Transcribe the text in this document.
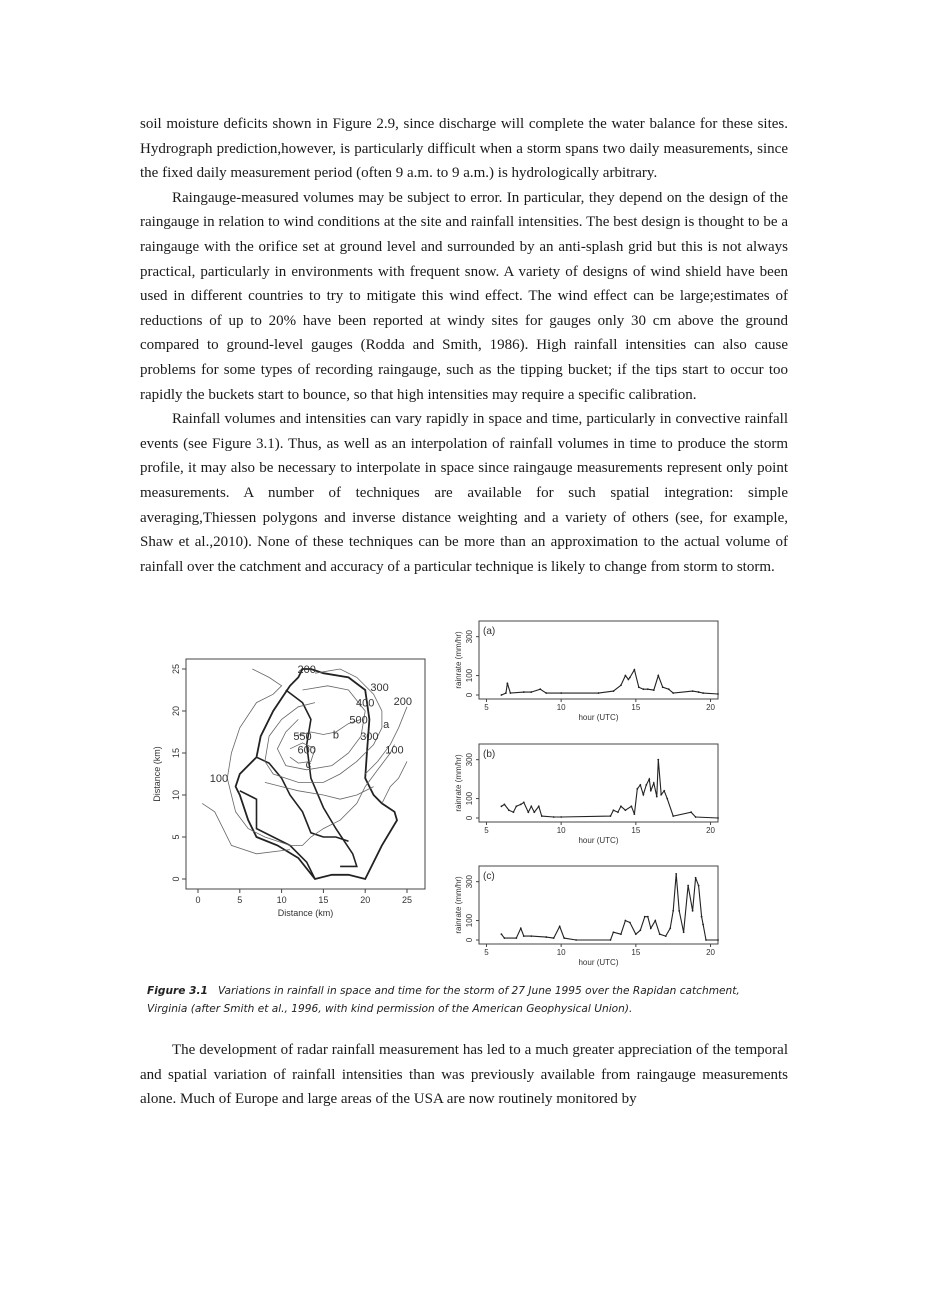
soil moisture deficits shown in Figure 2.9, since discharge will complete the water balance for these sites. Hydrograph prediction,however, is particularly difficult when a storm spans two daily measurements, since the fixed daily measurement period (often 9 a.m. to 9 a.m.) is hydrologically arbitrary.

Raingauge-measured volumes may be subject to error. In particular, they depend on the design of the raingauge in relation to wind conditions at the site and rainfall intensities. The best design is thought to be a raingauge with the orifice set at ground level and surrounded by an anti-splash grid but this is not always practical, particularly in environments with frequent snow. A variety of designs of wind shield have been used in different countries to try to mitigate this wind effect. The wind effect can be large;estimates of reductions of up to 20% have been reported at windy sites for gauges only 30 cm above the ground compared to ground-level gauges (Rodda and Smith, 1986). High rainfall intensities can also cause problems for some types of recording raingauge, such as the tipping bucket; if the tips start to occur too rapidly the buckets start to bounce, so that high intensities may require a specific calibration.

Rainfall volumes and intensities can vary rapidly in space and time, particularly in convective rainfall events (see Figure 3.1). Thus, as well as an interpolation of rainfall volumes in time to produce the storm profile, it may also be necessary to interpolate in space since raingauge measurements represent only point measurements. A number of techniques are available for such spatial integration: simple averaging,Thiessen polygons and inverse distance weighting and a variety of others (see, for example, Shaw et al.,2010). None of these techniques can be more than an approximation to the actual volume of rainfall over the catchment and accuracy of a particular technique is likely to change from storm to storm.

0	5	10	15	20	25
0
5
10
15
20
25
Distance (km)
Distance (km)
200
300
400 200
500
550 b 300
a
600
c
100
100
(a)
5	10	15	20
0
100
300
hour (UTC)
rainrate (mm/hr)
(b)
5	10	15	20
0
100
300
hour (UTC)
rainrate (mm/hr)
(c)
5	10	15	20
0
100
300
hour (UTC)
rainrate (mm/hr)
Figure 3.1 Variations in rainfall in space and time for the storm of 27 June 1995 over the Rapidan catchment, Virginia (after Smith et al., 1996, with kind permission of the American Geophysical Union).

The development of radar rainfall measurement has led to a much greater appreciation of the temporal and spatial variation of rainfall intensities than was previously available from raingauge measurements alone. Much of Europe and large areas of the USA are now routinely monitored by
